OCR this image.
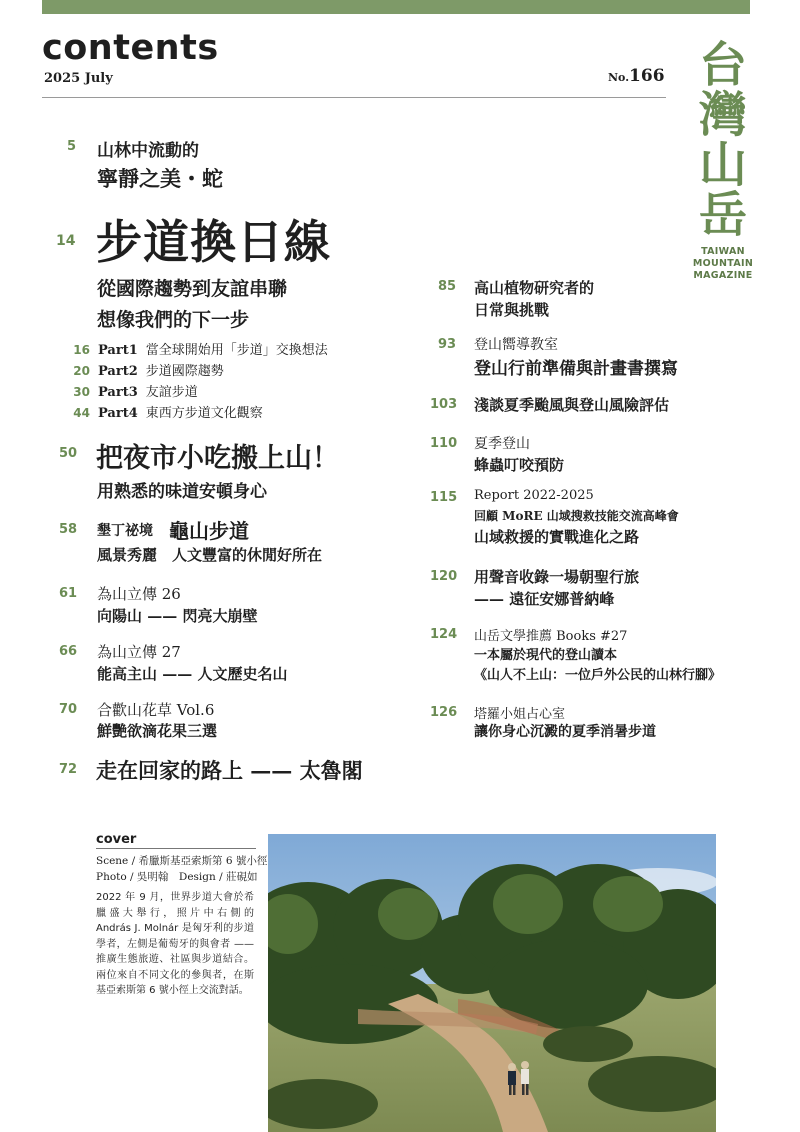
contents
2025 July	No.166 台
灣
山
岳
TAIWAN
MOUNTAIN
MAGAZINE
5 山林中流動的
寧靜之美・蛇
14 步道換日線
從國際趨勢到友誼串聯
想像我們的下一步
16 Part1 當全球開始用「步道」交換想法
20 Part2 步道國際趨勢
30 Part3 友誼步道
44 Part4 東西方步道文化觀察
50 把夜市小吃搬上山！
用熟悉的味道安頓身心
58 墾丁祕境 龜山步道
風景秀麗　人文豐富的休閒好所在
61 為山立傳 26
向陽山 —— 閃亮大崩壁
66 為山立傳 27
能高主山 —— 人文歷史名山
70 合歡山花草 Vol.6
鮮艷欲滴花果三選
72 走在回家的路上 —— 太魯閣
85 高山植物研究者的
日常與挑戰
93 登山嚮導教室
登山行前準備與計畫書撰寫
103 淺談夏季颱風與登山風險評估
110 夏季登山
蜂蟲叮咬預防
115 Report 2022-2025
回顧 MoRE 山域搜救技能交流高峰會
山域救援的實戰進化之路
120 用聲音收錄一場朝聖行旅
—— 遠征安娜普納峰
124 山岳文學推薦 Books #27
一本屬於現代的登山讀本
《山人不上山：一位戶外公民的山林行腳》
126 塔羅小姐占心室
讓你身心沉澱的夏季消暑步道
cover
Scene / 希臘斯基亞索斯第 6 號小徑
Photo / 吳明翰　Design / 莊硯如
2022 年 9 月，世界步道大會於希臘盛大舉行，照片中右側的 András J. Molnár 是匈牙利的步道學者，左側是葡萄牙的與會者 —— 推廣生態旅遊、社區與步道結合。兩位來自不同文化的參與者，在斯基亞索斯第 6 號小徑上交流對話。
